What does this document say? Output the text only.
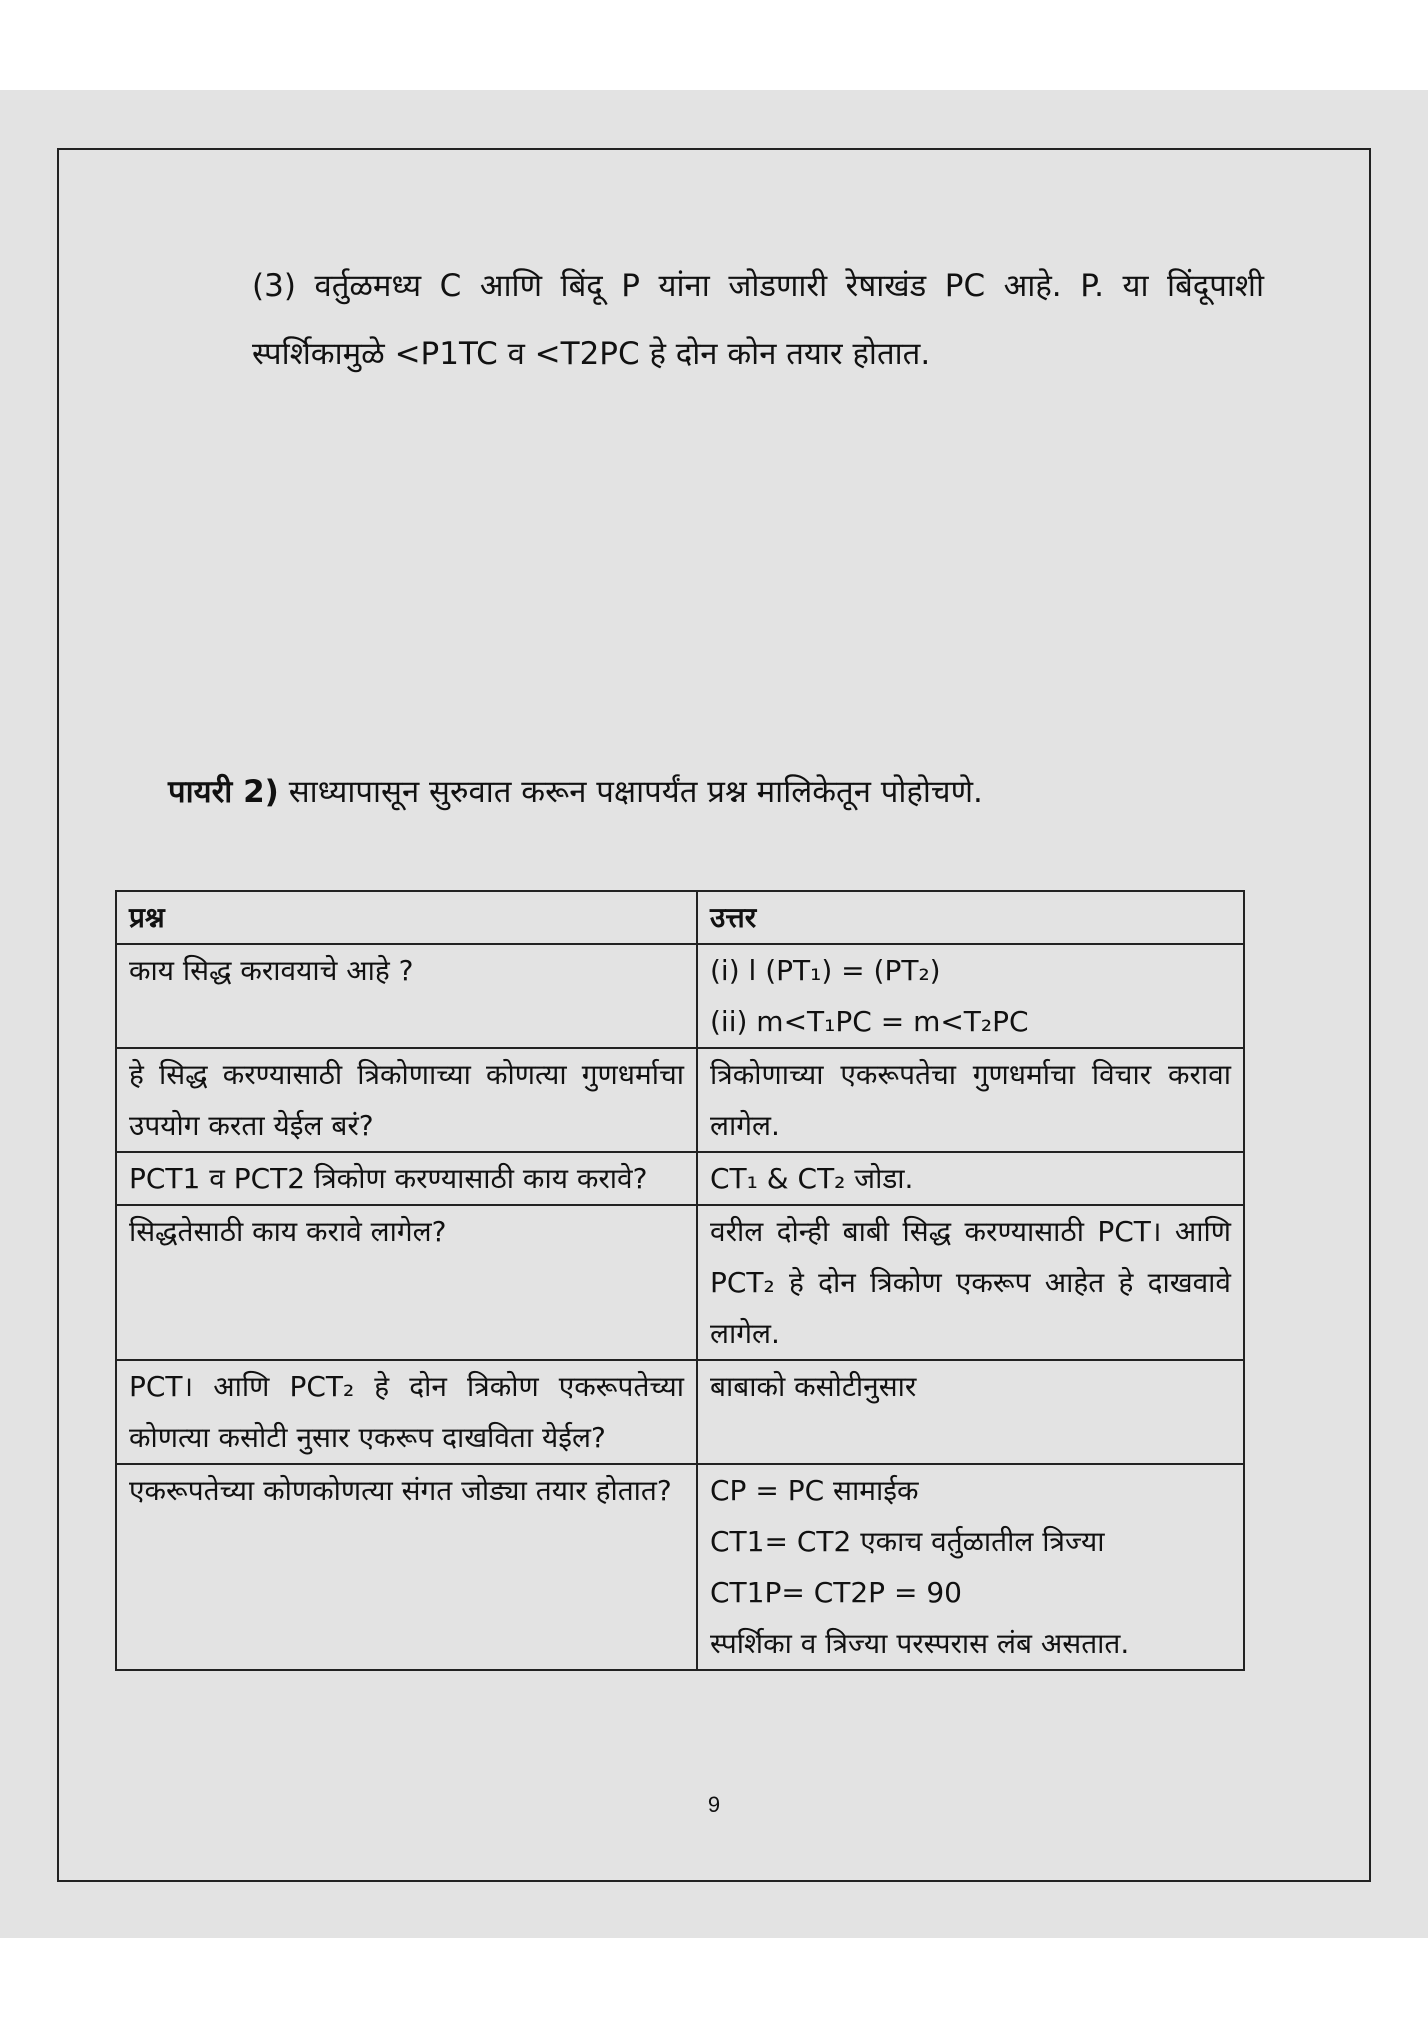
(3) वर्तुळमध्य C आणि बिंदू P यांना जोडणारी रेषाखंड PC आहे. P. या बिंदूपाशी स्पर्शिकामुळे <P1TC व <T2PC हे दोन कोन तयार होतात.

पायरी 2) साध्यापासून सुरुवात करून पक्षापर्यंत प्रश्न मालिकेतून पोहोचणे.

प्रश्न	उत्तर
काय सिद्ध करावयाचे आहे ?	(i) l (PT₁) = (PT₂)
(ii) m<T₁PC = m<T₂PC

हे सिद्ध करण्यासाठी त्रिकोणाच्या कोणत्या गुणधर्माचा उपयोग करता येईल बरं?	त्रिकोणाच्या एकरूपतेचा गुणधर्माचा विचार करावा लागेल.

PCT1 व PCT2 त्रिकोण करण्यासाठी काय करावे?	CT₁ & CT₂ जोडा.

सिद्धतेसाठी काय करावे लागेल?	वरील दोन्ही बाबी सिद्ध करण्यासाठी PCT। आणि PCT₂ हे दोन त्रिकोण एकरूप आहेत हे दाखवावे लागेल.

PCT। आणि PCT₂ हे दोन त्रिकोण एकरूपतेच्या कोणत्या कसोटी नुसार एकरूप दाखविता येईल?	बाबाको कसोटीनुसार

एकरूपतेच्या कोणकोणत्या संगत जोड्या तयार होतात?	CP = PC सामाईक
CT1= CT2 एकाच वर्तुळातील त्रिज्या
CT1P= CT2P = 90
स्पर्शिका व त्रिज्या परस्परास लंब असतात.
9
